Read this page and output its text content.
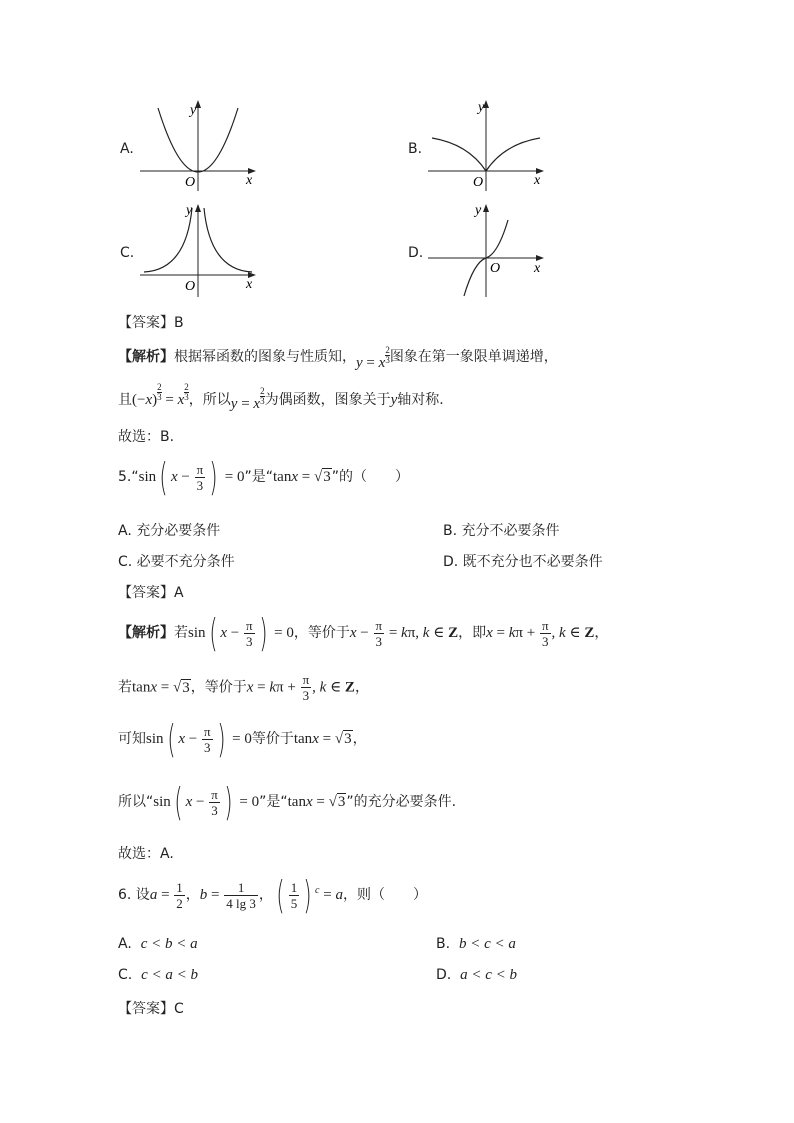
A.
y
x
O
B.
y
x
O
C.
y
x
O
D.
y
x
O
【答案】B
【解析】根据幂函数的图象与性质知，y = x $\frac{2}{3}$ 图象在第一象限单调递增，
且$(-x) \frac{2}{3} = x \frac{2}{3}$ ，所以y = x $\frac{2}{3}$ 为偶函数，图象关于y轴对称.
故选：B.
5.“sin( $x - \frac{\pi}{3}$ ) = 0”是“tanx = √3”的（　　）
A. 充分必要条件	B. 充分不必要条件
C. 必要不充分条件	D. 既不充分也不必要条件
【答案】A
【解析】若sin( $x - \frac{\pi}{3}$ ) = 0，等价于$x - \frac{\pi}{3} = k\pi$, k ∈ Z，即$x = k\pi + \frac{\pi}{3}$ , k ∈ Z，
若tanx = √3，等价于$x = k\pi + \frac{\pi}{3}$ , k ∈ Z，
可知sin( $x - \frac{\pi}{3}$ ) = 0等价于tanx = √3，
所以“sin( $x - \frac{\pi}{3}$ ) = 0”是“tanx = √3”的充分必要条件.
故选：A.
6. 设$a = \frac{1}{2}$ ，$b = \frac{1}{4 \lg 3}$ ，( $\frac{1}{5}$ ) $^c$ = a，则（　　）
A. c < b < a	B. b < c < a
C. c < a < b	D. a < c < b
【答案】C
